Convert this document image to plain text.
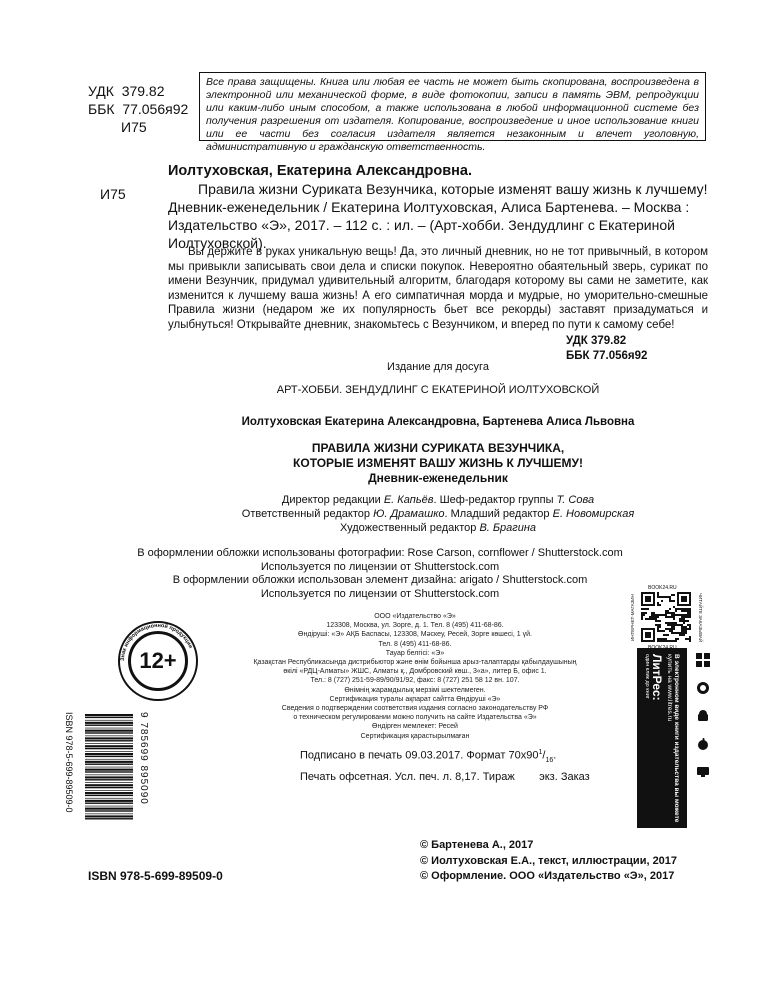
УДК 379.82
ББК 77.056я92
И75
Все права защищены. Книга или любая ее часть не может быть скопирована, воспроизведена в электронной или механической форме, в виде фотокопии, записи в память ЭВМ, репродукции или каким-либо иным способом, а также использована в любой информационной системе без получения разрешения от издателя. Копирование, воспроизведение и иное использование книги или ее части без согласия издателя является незаконным и влечет уголовную, административную и гражданскую ответственность.
Иолтуховская, Екатерина Александровна.
И75	Правила жизни Суриката Везунчика, которые изменят вашу жизнь к лучшему! Дневник-еженедельник / Екатерина Иолтуховская, Алиса Бартенева. – Москва : Издательство «Э», 2017. – 112 с. : ил. – (Арт-хобби. Зендудлинг с Екатериной Иолтуховской).
Вы держите в руках уникальную вещь! Да, это личный дневник, но не тот привычный, в котором мы привыкли записывать свои дела и списки покупок. Невероятно обаятельный зверь, сурикат по имени Везунчик, придумал удивительный алгоритм, благодаря которому вы сами не заметите, как изменится к лучшему ваша жизнь! А его симпатичная морда и мудрые, но уморительно-смешные Правила жизни (недаром же их популярность бьет все рекорды) заставят призадуматься и улыбнуться! Открывайте дневник, знакомьтесь с Везунчиком, и вперед по пути к самому себе!
УДК 379.82
ББК 77.056я92
Издание для досуга
АРТ-ХОББИ. ЗЕНДУДЛИНГ С ЕКАТЕРИНОЙ ИОЛТУХОВСКОЙ
Иолтуховская Екатерина Александровна, Бартенева Алиса Львовна
ПРАВИЛА ЖИЗНИ СУРИКАТА ВЕЗУНЧИКА,
КОТОРЫЕ ИЗМЕНЯТ ВАШУ ЖИЗНЬ К ЛУЧШЕМУ!
Дневник-еженедельник
Директор редакции Е. Капьёв. Шеф-редактор группы Т. Сова
Ответственный редактор Ю. Драмашко. Младший редактор Е. Новомирская
Художественный редактор В. Брагина
В оформлении обложки использованы фотографии: Rose Carson, cornflower / Shutterstock.com
Используется по лицензии от Shutterstock.com
В оформлении обложки использован элемент дизайна: arigato / Shutterstock.com
Используется по лицензии от Shutterstock.com
ООО «Издательство «Э»
123308, Москва, ул. Зорге, д. 1. Тел. 8 (495) 411-68-86.
Өндіруші: «Э» АҚБ Баспасы, 123308, Мәскеу, Ресей, Зорге көшесі, 1 үй.
Тел. 8 (495) 411-68-86.
Тауар белгісі: «Э»
Қазақстан Республикасында дистрибьютор және өнім бойынша арыз-талаптарды қабылдаушының
өкілі «РДЦ-Алматы» ЖШС, Алматы қ., Домбровский көш., 3«а», литер Б, офис 1.
Тел.: 8 (727) 251-59-89/90/91/92, факс: 8 (727) 251 58 12 вн. 107.
Өнімнің жарамдылық мерзімі шектелмеген.
Сертификация туралы ақпарат сайтта Өндіруші «Э»
Сведения о подтверждении соответствия издания согласно законодательству РФ
о техническом регулировании можно получить на сайте Издательства «Э»
Өндірген мемлекет: Ресей
Сертификация қарастырылмаған
Подписано в печать 09.03.2017. Формат $70х90^1/_{16}$.
Печать офсетная. Усл. печ. л. 8,17. Тираж        экз. Заказ
ISBN 978-5-699-89509-0
© Бартенева А., 2017
© Иолтуховская Е.А., текст, иллюстрации, 2017
© Оформление. ООО «Издательство «Э», 2017
Знак информационной продукции
12+
ISBN 978-5-699-89509-0	9 785699 895090
BOOK24.RU
ИНТЕРНЕТ-МАГАЗИН	ЧИТАЙТЕ ЗАКАЗЫВАЙ
В электронном виде книги издательства вы можете
купить на www.litres.ru
ЛитРес:
один клик до книг
